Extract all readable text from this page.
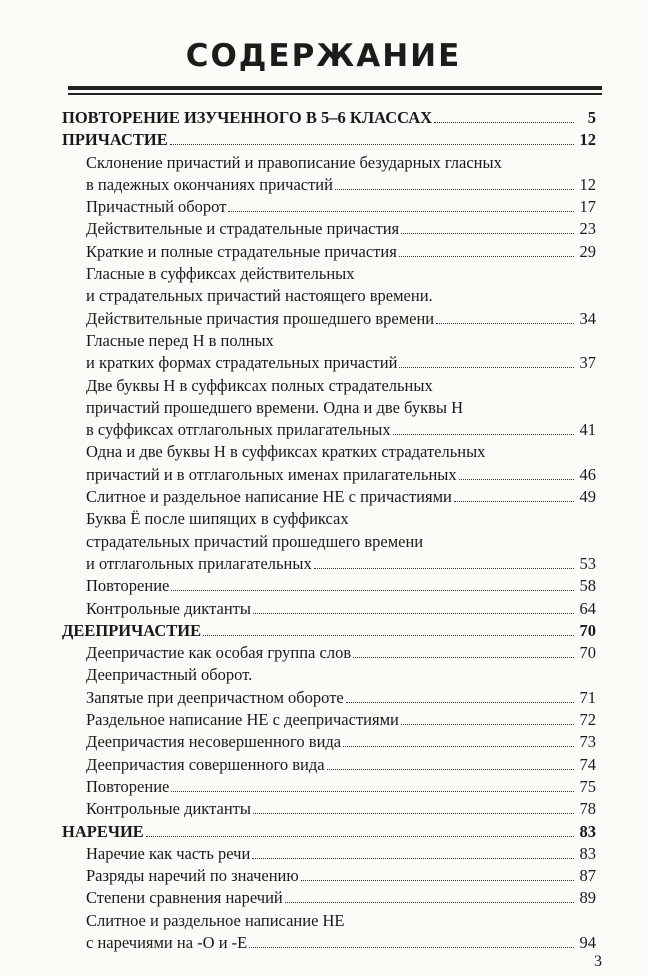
СОДЕРЖАНИЕ
ПОВТОРЕНИЕ ИЗУЧЕННОГО В 5–6 КЛАССАХ	5
ПРИЧАСТИЕ	12
Склонение причастий и правописание безударных гласных
в падежных окончаниях причастий	12
Причастный оборот	17
Действительные и страдательные причастия	23
Краткие и полные страдательные причастия	29
Гласные в суффиксах действительных
и страдательных причастий настоящего времени.
Действительные причастия прошедшего времени	34
Гласные перед Н в полных
и кратких формах страдательных причастий	37
Две буквы Н в суффиксах полных страдательных
причастий прошедшего времени. Одна и две буквы Н
в суффиксах отглагольных прилагательных	41
Одна и две буквы Н в суффиксах кратких страдательных
причастий и в отглагольных именах прилагательных	46
Слитное и раздельное написание НЕ с причастиями	49
Буква Ё после шипящих в суффиксах
страдательных причастий прошедшего времени
и отглагольных прилагательных	53
Повторение	58
Контрольные диктанты	64
ДЕЕПРИЧАСТИЕ	70
Деепричастие как особая группа слов	70
Деепричастный оборот.
Запятые при деепричастном обороте	71
Раздельное написание НЕ с деепричастиями	72
Деепричастия несовершенного вида	73
Деепричастия совершенного вида	74
Повторение	75
Контрольные диктанты	78
НАРЕЧИЕ	83
Наречие как часть речи	83
Разряды наречий по значению	87
Степени сравнения наречий	89
Слитное и раздельное написание НЕ
с наречиями на -О и -Е	94
3
